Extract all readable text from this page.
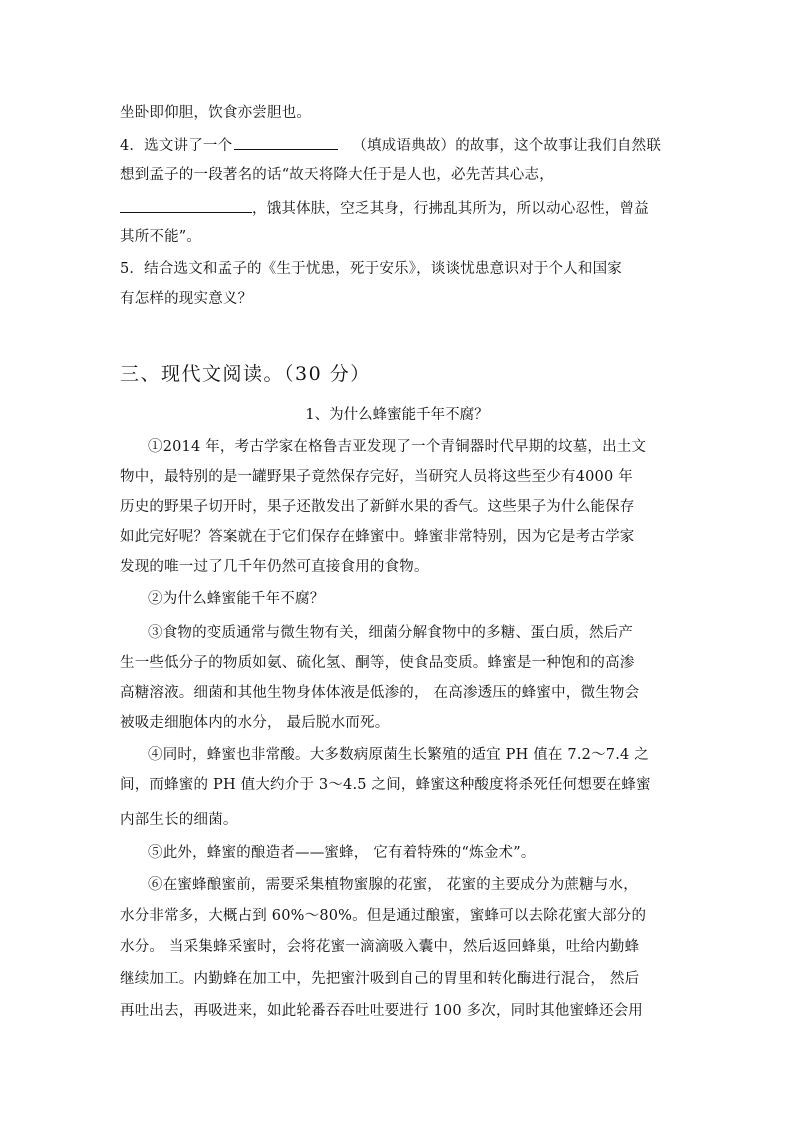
坐卧即仰胆，饮食亦尝胆也。
4．选文讲了一个	（填成语典故）的故事，这个故事让我们自然联
想到孟子的一段著名的话“故天将降大任于是人也，必先苦其心志，
，饿其体肤，空乏其身，行拂乱其所为，所以动心忍性，曾益
其所不能”。
5．结合选文和孟子的《生于忧患，死于安乐》，谈谈忧患意识对于个人和国家
有怎样的现实意义？
三、现代文阅读。（30 分）
1、为什么蜂蜜能千年不腐？
①2014 年，考古学家在格鲁吉亚发现了一个青铜器时代早期的坟墓，出土文
物中，最特别的是一罐野果子竟然保存完好，当研究人员将这些至少有4000 年
历史的野果子切开时，果子还散发出了新鲜水果的香气。这些果子为什么能保存
如此完好呢？答案就在于它们保存在蜂蜜中。蜂蜜非常特别，因为它是考古学家
发现的唯一过了几千年仍然可直接食用的食物。
②为什么蜂蜜能千年不腐？
③食物的变质通常与微生物有关，细菌分解食物中的多糖、蛋白质，然后产
生一些低分子的物质如氨、硫化氢、酮等，使食品变质。蜂蜜是一种饱和的高渗
高糖溶液。细菌和其他生物身体体液是低渗的， 在高渗透压的蜂蜜中，微生物会
被吸走细胞体内的水分， 最后脱水而死。
④同时，蜂蜜也非常酸。大多数病原菌生长繁殖的适宜 PH 值在 7.2～7.4 之
间，而蜂蜜的 PH 值大约介于 3～4.5 之间，蜂蜜这种酸度将杀死任何想要在蜂蜜
内部生长的细菌。
⑤此外，蜂蜜的酿造者——蜜蜂， 它有着特殊的“炼金术”。
⑥在蜜蜂酿蜜前，需要采集植物蜜腺的花蜜， 花蜜的主要成分为蔗糖与水，
水分非常多，大概占到 60%～80%。但是通过酿蜜，蜜蜂可以去除花蜜大部分的
水分。 当采集蜂采蜜时，会将花蜜一滴滴吸入囊中，然后返回蜂巢，吐给内勤蜂
继续加工。内勤蜂在加工中，先把蜜汁吸到自己的胃里和转化酶进行混合， 然后
再吐出去，再吸进来，如此轮番吞吞吐吐要进行 100 多次，同时其他蜜蜂还会用
